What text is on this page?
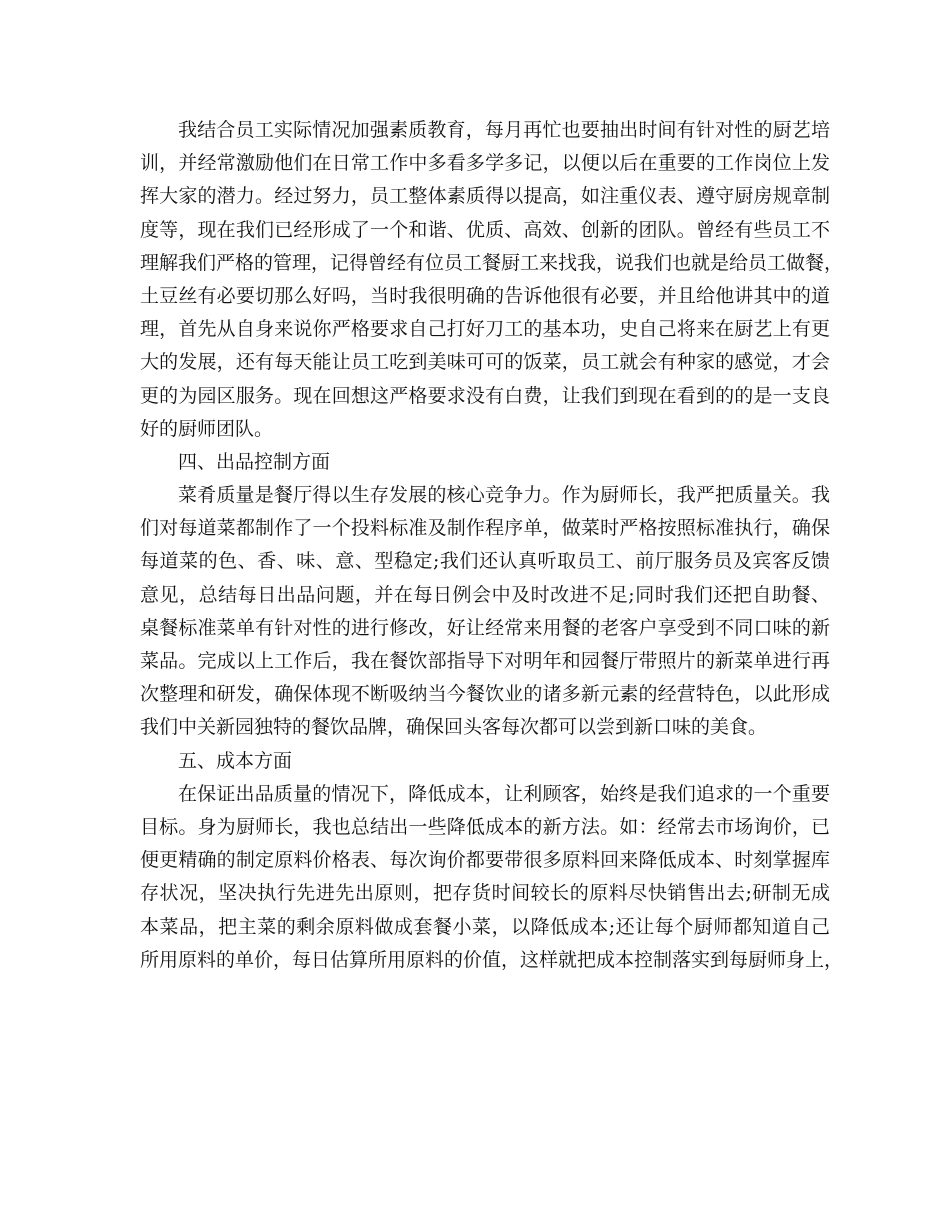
我结合员工实际情况加强素质教育，每月再忙也要抽出时间有针对性的厨艺培
训，并经常激励他们在日常工作中多看多学多记，以便以后在重要的工作岗位上发
挥大家的潜力。经过努力，员工整体素质得以提高，如注重仪表、遵守厨房规章制
度等，现在我们已经形成了一个和谐、优质、高效、创新的团队。曾经有些员工不
理解我们严格的管理，记得曾经有位员工餐厨工来找我，说我们也就是给员工做餐，
土豆丝有必要切那么好吗，当时我很明确的告诉他很有必要，并且给他讲其中的道
理，首先从自身来说你严格要求自己打好刀工的基本功，史自己将来在厨艺上有更
大的发展，还有每天能让员工吃到美味可可的饭菜，员工就会有种家的感觉，才会
更的为园区服务。现在回想这严格要求没有白费，让我们到现在看到的的是一支良
好的厨师团队。
四、出品控制方面
菜肴质量是餐厅得以生存发展的核心竞争力。作为厨师长，我严把质量关。我
们对每道菜都制作了一个投料标准及制作程序单，做菜时严格按照标准执行，确保
每道菜的色、香、味、意、型稳定;我们还认真听取员工、前厅服务员及宾客反馈
意见，总结每日出品问题，并在每日例会中及时改进不足;同时我们还把自助餐、
桌餐标准菜单有针对性的进行修改，好让经常来用餐的老客户享受到不同口味的新
菜品。完成以上工作后，我在餐饮部指导下对明年和园餐厅带照片的新菜单进行再
次整理和研发，确保体现不断吸纳当今餐饮业的诸多新元素的经营特色，以此形成
我们中关新园独特的餐饮品牌，确保回头客每次都可以尝到新口味的美食。
五、成本方面
在保证出品质量的情况下，降低成本，让利顾客，始终是我们追求的一个重要
目标。身为厨师长，我也总结出一些降低成本的新方法。如：经常去市场询价，已
便更精确的制定原料价格表、每次询价都要带很多原料回来降低成本、时刻掌握库
存状况，坚决执行先进先出原则，把存货时间较长的原料尽快销售出去;研制无成
本菜品，把主菜的剩余原料做成套餐小菜，以降低成本;还让每个厨师都知道自己
所用原料的单价，每日估算所用原料的价值，这样就把成本控制落实到每厨师身上，
